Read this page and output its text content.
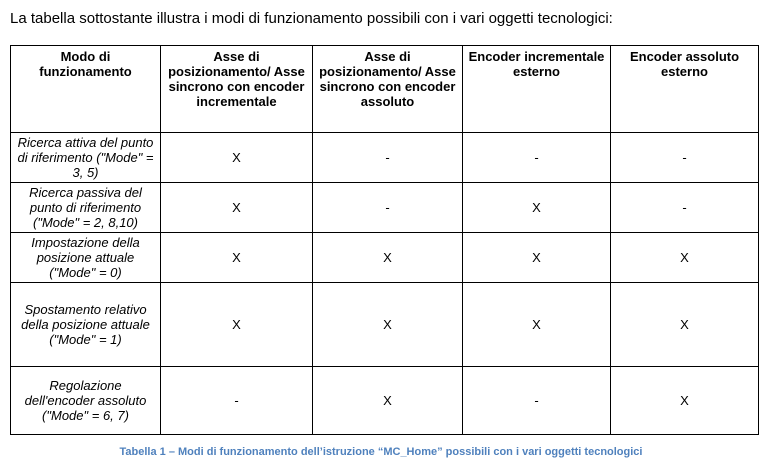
La tabella sottostante illustra i modi di funzionamento possibili con i vari oggetti tecnologici:
Modo di funzionamento	Asse di posizionamento/ Asse sincrono con encoder incrementale	Asse di posizionamento/ Asse sincrono con encoder assoluto	Encoder incrementale esterno	Encoder assoluto esterno
Ricerca attiva del punto di riferimento ("Mode" = 3, 5)	X	-	-	-
Ricerca passiva del punto di riferimento ("Mode" = 2, 8,10)	X	-	X	-
Impostazione della posizione attuale ("Mode" = 0)	X	X	X	X
Spostamento relativo della posizione attuale ("Mode" = 1)	X	X	X	X
Regolazione dell'encoder assoluto ("Mode" = 6, 7)	-	X	-	X
Tabella 1 – Modi di funzionamento dell’istruzione “MC_Home” possibili con i vari oggetti tecnologici
